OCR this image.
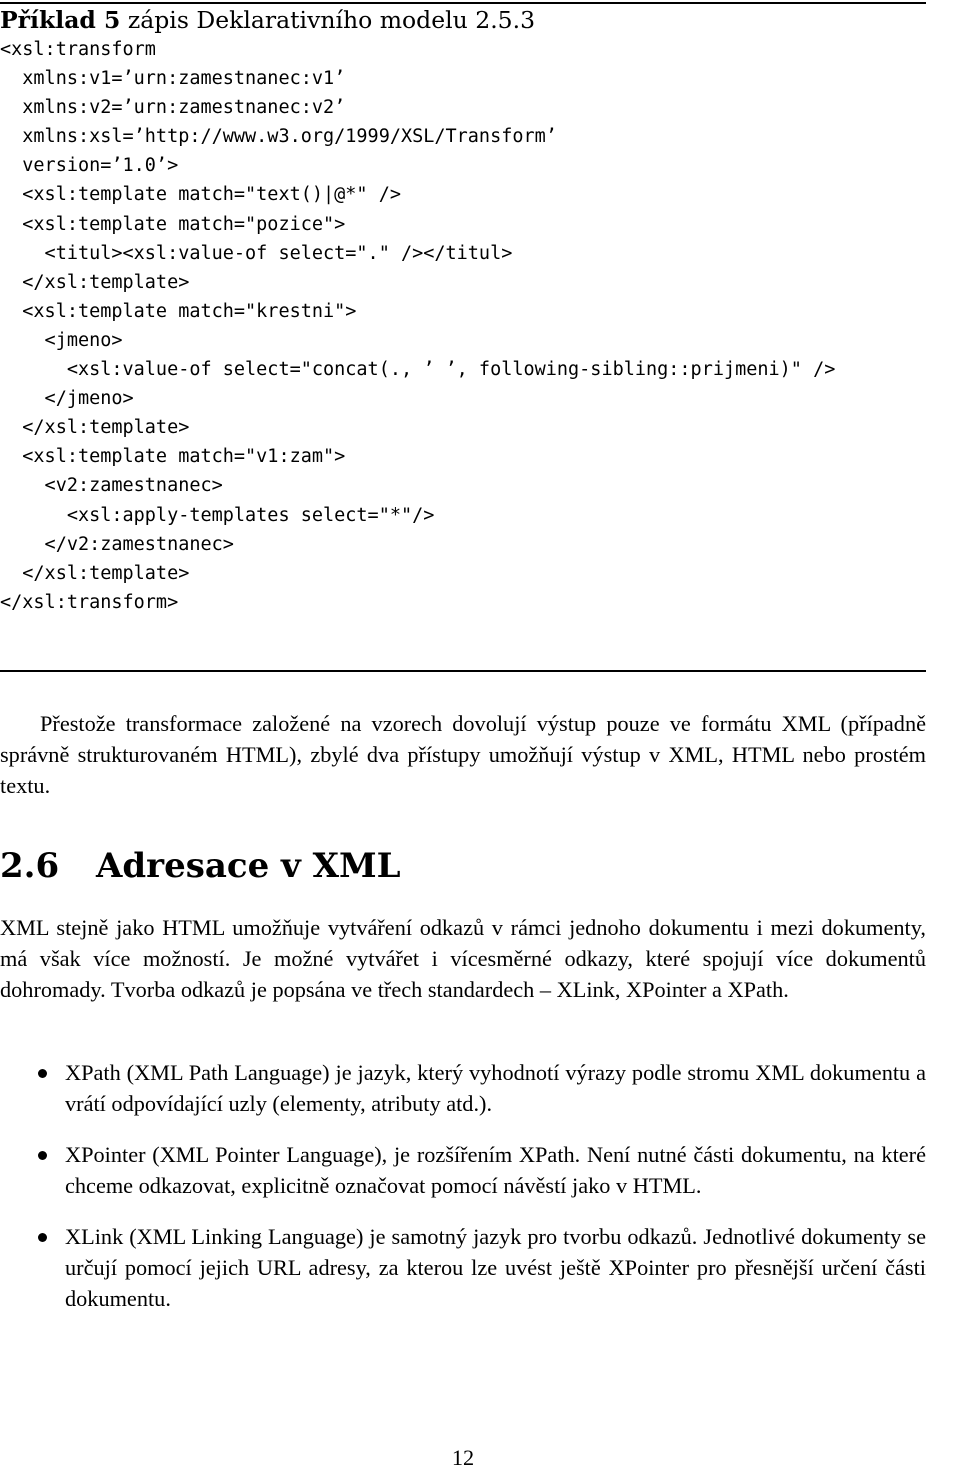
Příklad 5 zápis Deklarativního modelu 2.5.3
<xsl:transform
xmlns:v1=’urn:zamestnanec:v1’
xmlns:v2=’urn:zamestnanec:v2’
xmlns:xsl=’http://www.w3.org/1999/XSL/Transform’
version=’1.0’>
<xsl:template match="text()|@*" />
<xsl:template match="pozice">
<titul><xsl:value-of select="." /></titul>
</xsl:template>
<xsl:template match="krestni">
<jmeno>
<xsl:value-of select="concat(., ’ ’, following-sibling::prijmeni)" />
</jmeno>
</xsl:template>
<xsl:template match="v1:zam">
<v2:zamestnanec>
<xsl:apply-templates select="*"/>
</v2:zamestnanec>
</xsl:template>
</xsl:transform>

Přestože transformace založené na vzorech dovolují výstup pouze ve formátu XML (případně správně strukturovaném HTML), zbylé dva přístupy umožňují výstup v XML, HTML nebo prostém textu.

2.6 Adresace v XML

XML stejně jako HTML umožňuje vytváření odkazů v rámci jednoho dokumentu i mezi dokumenty, má však více možností. Je možné vytvářet i vícesměrné odkazy, které spojují více dokumentů dohromady. Tvorba odkazů je popsána ve třech standardech – XLink, XPointer a XPath.

XPath (XML Path Language) je jazyk, který vyhodnotí výrazy podle stromu XML dokumentu a vrátí odpovídající uzly (elementy, atributy atd.).
XPointer (XML Pointer Language), je rozšířením XPath. Není nutné části dokumentu, na které chceme odkazovat, explicitně označovat pomocí návěstí jako v HTML.
XLink (XML Linking Language) je samotný jazyk pro tvorbu odkazů. Jednotlivé dokumenty se určují pomocí jejich URL adresy, za kterou lze uvést ještě XPointer pro přesnější určení části dokumentu.
12
